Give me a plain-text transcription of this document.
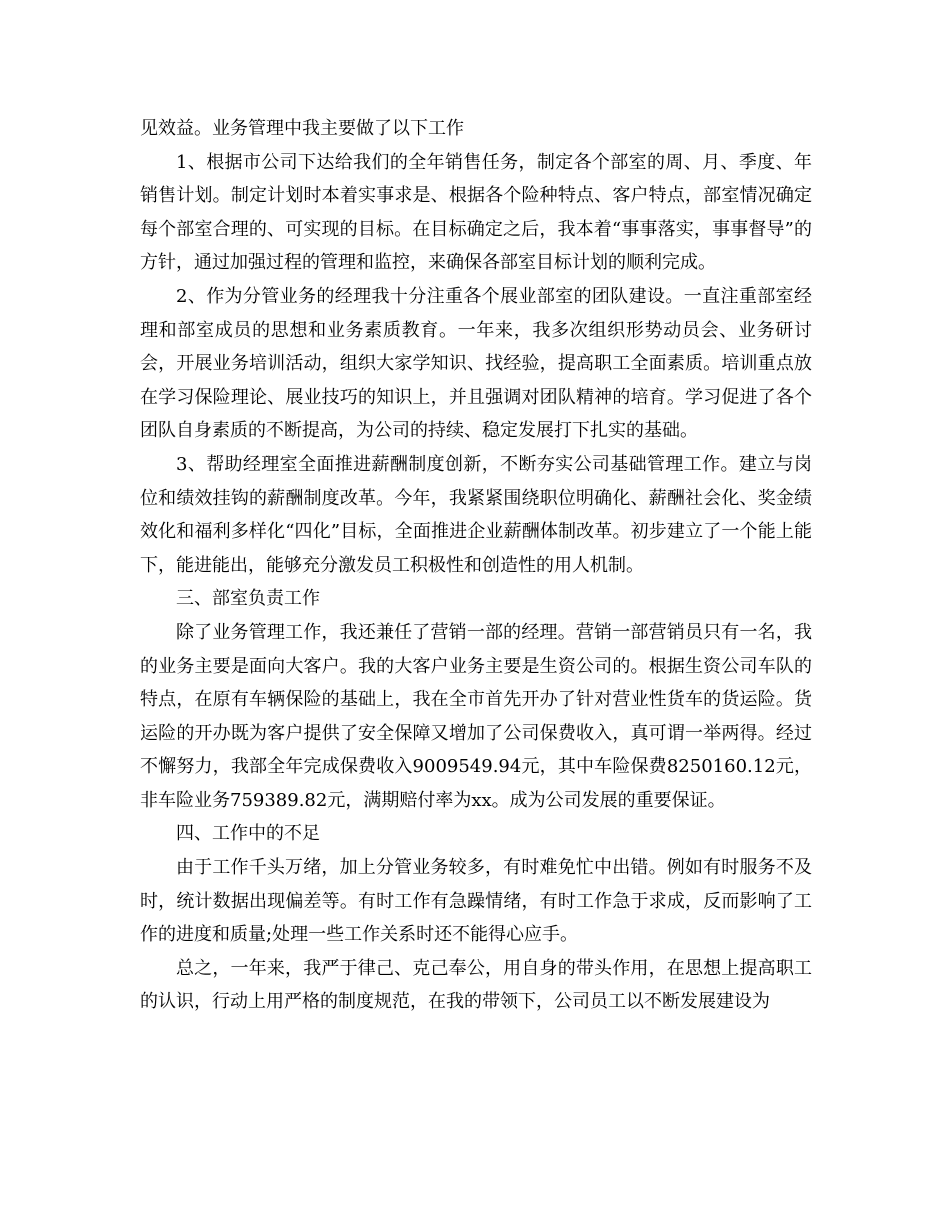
见效益。业务管理中我主要做了以下工作

1、根据市公司下达给我们的全年销售任务，制定各个部室的周、月、季度、年销售计划。制定计划时本着实事求是、根据各个险种特点、客户特点，部室情况确定每个部室合理的、可实现的目标。在目标确定之后，我本着“事事落实，事事督导”的方针，通过加强过程的管理和监控，来确保各部室目标计划的顺利完成。

2、作为分管业务的经理我十分注重各个展业部室的团队建设。一直注重部室经理和部室成员的思想和业务素质教育。一年来，我多次组织形势动员会、业务研讨会，开展业务培训活动，组织大家学知识、找经验，提高职工全面素质。培训重点放在学习保险理论、展业技巧的知识上，并且强调对团队精神的培育。学习促进了各个团队自身素质的不断提高，为公司的持续、稳定发展打下扎实的基础。

3、帮助经理室全面推进薪酬制度创新，不断夯实公司基础管理工作。建立与岗位和绩效挂钩的薪酬制度改革。今年，我紧紧围绕职位明确化、薪酬社会化、奖金绩效化和福利多样化“四化”目标，全面推进企业薪酬体制改革。初步建立了一个能上能下，能进能出，能够充分激发员工积极性和创造性的用人机制。

三、部室负责工作

除了业务管理工作，我还兼任了营销一部的经理。营销一部营销员只有一名，我的业务主要是面向大客户。我的大客户业务主要是生资公司的。根据生资公司车队的特点，在原有车辆保险的基础上，我在全市首先开办了针对营业性货车的货运险。货运险的开办既为客户提供了安全保障又增加了公司保费收入，真可谓一举两得。经过不懈努力，我部全年完成保费收入9009549.94元，其中车险保费8250160.12元，非车险业务759389.82元，满期赔付率为xx。成为公司发展的重要保证。

四、工作中的不足

由于工作千头万绪，加上分管业务较多，有时难免忙中出错。例如有时服务不及时，统计数据出现偏差等。有时工作有急躁情绪，有时工作急于求成，反而影响了工作的进度和质量;处理一些工作关系时还不能得心应手。

总之，一年来，我严于律己、克己奉公，用自身的带头作用，在思想上提高职工的认识，行动上用严格的制度规范，在我的带领下，公司员工以不断发展建设为
